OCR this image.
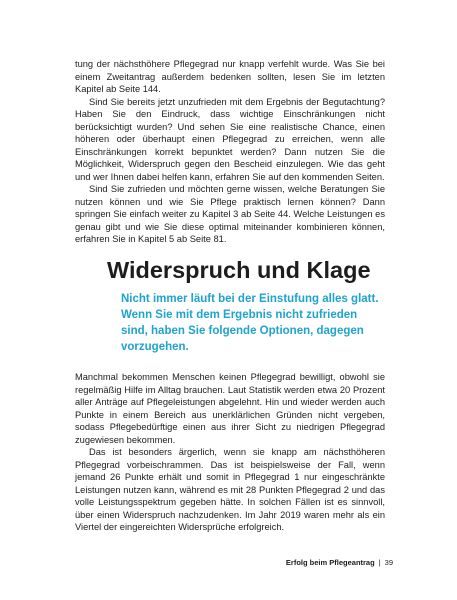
tung der nächsthöhere Pflegegrad nur knapp verfehlt wurde. Was Sie bei einem Zweitantrag außerdem bedenken sollten, lesen Sie im letzten Kapitel ab Seite 144.

Sind Sie bereits jetzt unzufrieden mit dem Ergebnis der Begutachtung? Haben Sie den Eindruck, dass wichtige Einschränkungen nicht berücksichtigt wurden? Und sehen Sie eine realistische Chance, einen höheren oder überhaupt einen Pflegegrad zu erreichen, wenn alle Einschränkungen korrekt bepunktet werden? Dann nutzen Sie die Möglichkeit, Widerspruch gegen den Bescheid einzulegen. Wie das geht und wer Ihnen dabei helfen kann, erfahren Sie auf den kommenden Seiten.

Sind Sie zufrieden und möchten gerne wissen, welche Beratungen Sie nutzen können und wie Sie Pflege praktisch lernen können? Dann springen Sie einfach weiter zu Kapitel 3 ab Seite 44. Welche Leistungen es genau gibt und wie Sie diese optimal miteinander kombinieren können, erfahren Sie in Kapitel 5 ab Seite 81.

Widerspruch und Klage

Nicht immer läuft bei der Einstufung alles glatt. Wenn Sie mit dem Ergebnis nicht zufrieden sind, haben Sie folgende Optionen, dagegen vorzugehen.

Manchmal bekommen Menschen keinen Pflegegrad bewilligt, obwohl sie regelmäßig Hilfe im Alltag brauchen. Laut Statistik werden etwa 20 Prozent aller Anträge auf Pflegeleistungen abgelehnt. Hin und wieder werden auch Punkte in einem Bereich aus unerklärlichen Gründen nicht vergeben, sodass Pflegebedürftige einen aus ihrer Sicht zu niedrigen Pflegegrad zugewiesen bekommen.

Das ist besonders ärgerlich, wenn sie knapp am nächsthöheren Pflegegrad vorbeischrammen. Das ist beispielsweise der Fall, wenn jemand 26 Punkte erhält und somit in Pflegegrad 1 nur eingeschränkte Leistungen nutzen kann, während es mit 28 Punkten Pflegegrad 2 und das volle Leistungsspektrum gegeben hätte. In solchen Fällen ist es sinnvoll, über einen Widerspruch nachzudenken. Im Jahr 2019 waren mehr als ein Viertel der eingereichten Widersprüche erfolgreich.

Erfolg beim Pflegeantrag | 39
